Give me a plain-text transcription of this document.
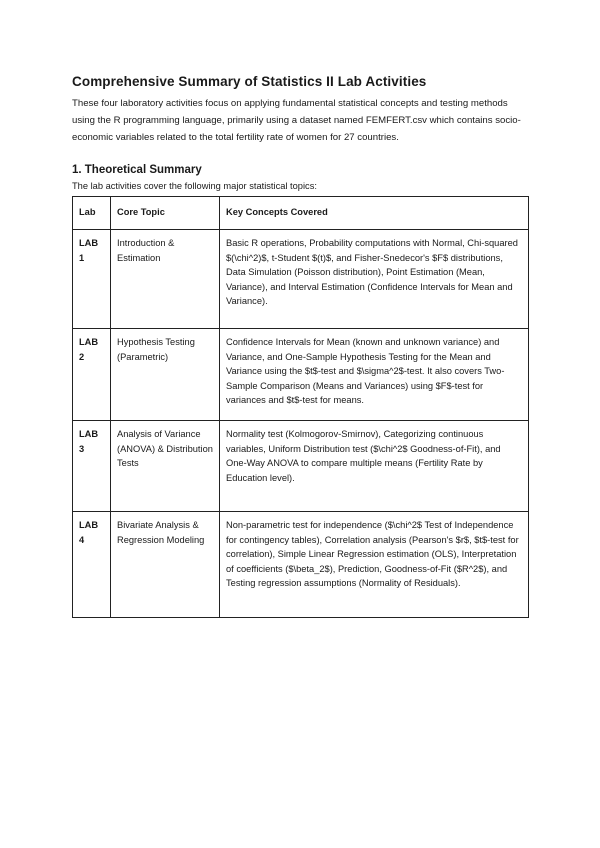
Comprehensive Summary of Statistics II Lab Activities

These four laboratory activities focus on applying fundamental statistical concepts and testing methods using the R programming language, primarily using a dataset named FEMFERT.csv which contains socio-economic variables related to the total fertility rate of women for 27 countries.

1. Theoretical Summary

The lab activities cover the following major statistical topics:

Lab	Core Topic	Key Concepts Covered
LAB 1	Introduction & Estimation	Basic R operations, Probability computations with Normal, Chi-squared $(\chi^2)$, t-Student $(t)$, and Fisher-Snedecor's $F$ distributions, Data Simulation (Poisson distribution), Point Estimation (Mean, Variance), and Interval Estimation (Confidence Intervals for Mean and Variance).
LAB 2	Hypothesis Testing (Parametric)	Confidence Intervals for Mean (known and unknown variance) and Variance, and One-Sample Hypothesis Testing for the Mean and Variance using the $t$-test and $\sigma^2$-test. It also covers Two-Sample Comparison (Means and Variances) using $F$-test for variances and $t$-test for means.
LAB 3	Analysis of Variance (ANOVA) & Distribution Tests	Normality test (Kolmogorov-Smirnov), Categorizing continuous variables, Uniform Distribution test ($\chi^2$ Goodness-of-Fit), and One-Way ANOVA to compare multiple means (Fertility Rate by Education level).
LAB 4	Bivariate Analysis & Regression Modeling	Non-parametric test for independence ($\chi^2$ Test of Independence for contingency tables), Correlation analysis (Pearson's $r$, $t$-test for correlation), Simple Linear Regression estimation (OLS), Interpretation of coefficients ($\beta_2$), Prediction, Goodness-of-Fit ($R^2$), and Testing regression assumptions (Normality of Residuals).
